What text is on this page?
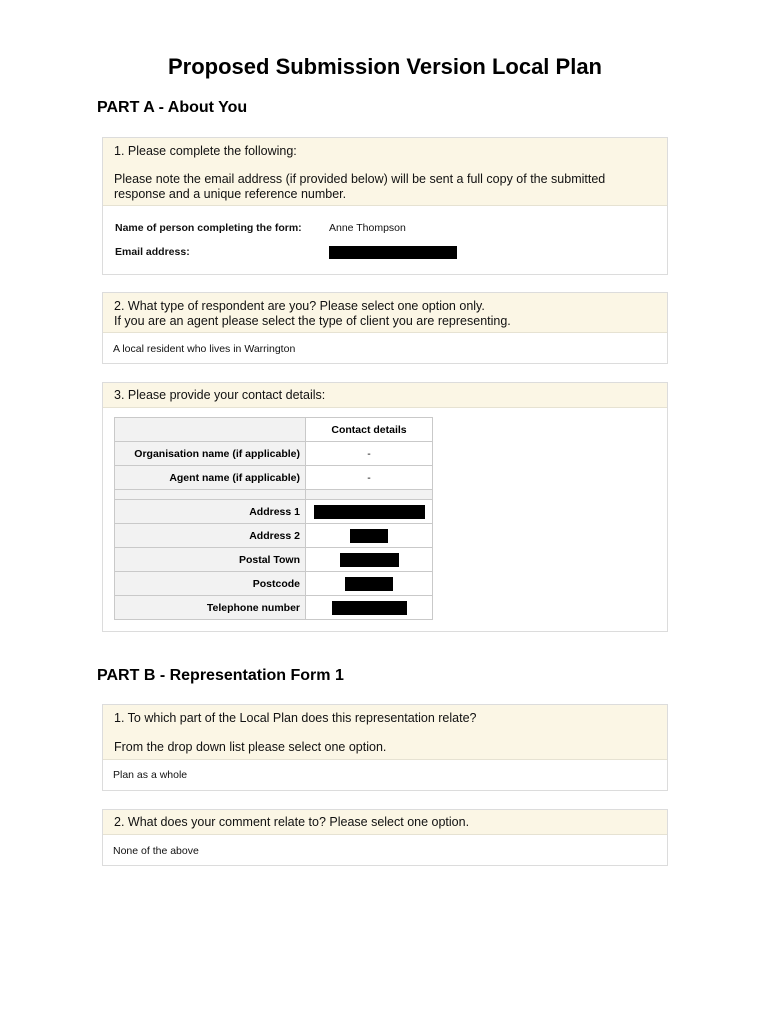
Proposed Submission Version Local Plan
PART A - About You

1. Please complete the following:

Please note the email address (if provided below) will be sent a full copy of the submitted response and a unique reference number.

Name of person completing the form:	Anne Thompson
Email address:

2. What type of respondent are you? Please select one option only.

If you are an agent please select the type of client you are representing.

A local resident who lives in Warrington

3. Please provide your contact details:

	Contact details
Organisation name (if applicable)	-
Agent name (if applicable)	-

Address 1	
Address 2	
Postal Town	
Postcode	
Telephone number	
PART B - Representation Form 1

1. To which part of the Local Plan does this representation relate?

From the drop down list please select one option.

Plan as a whole

2. What does your comment relate to? Please select one option.

None of the above
